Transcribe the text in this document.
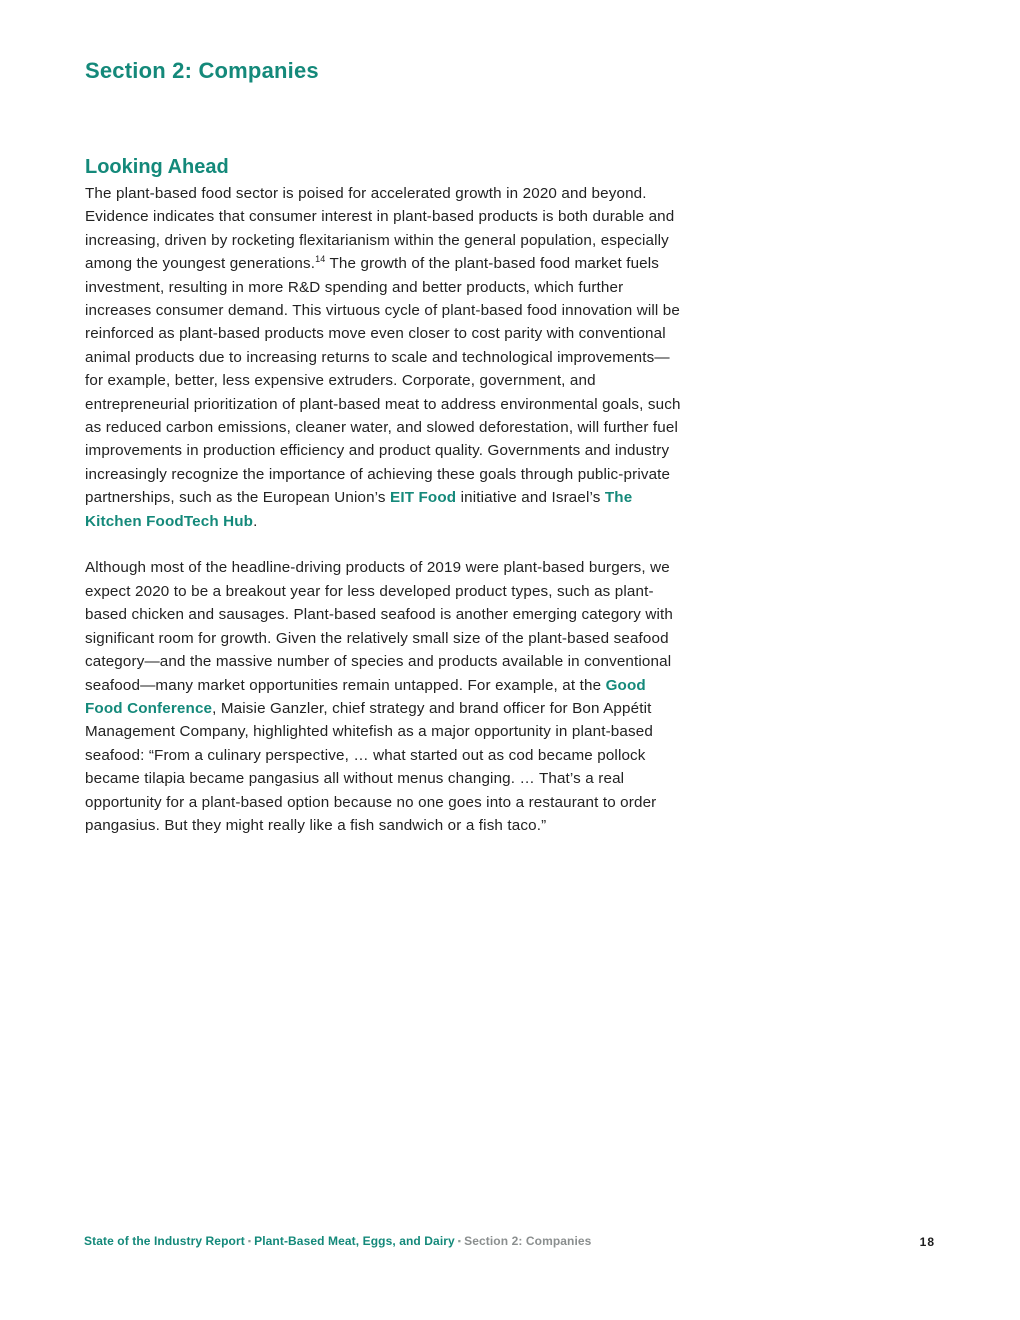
Section 2: Companies
Looking Ahead

The plant-based food sector is poised for accelerated growth in 2020 and beyond. Evidence indicates that consumer interest in plant-based products is both durable and increasing, driven by rocketing flexitarianism within the general population, especially among the youngest generations.$^{14}$ The growth of the plant-based food market fuels investment, resulting in more R&D spending and better products, which further increases consumer demand. This virtuous cycle of plant-based food innovation will be reinforced as plant-based products move even closer to cost parity with conventional animal products due to increasing returns to scale and technological improvements—for example, better, less expensive extruders. Corporate, government, and entrepreneurial prioritization of plant-based meat to address environmental goals, such as reduced carbon emissions, cleaner water, and slowed deforestation, will further fuel improvements in production efficiency and product quality. Governments and industry increasingly recognize the importance of achieving these goals through public-private partnerships, such as the European Union’s EIT Food initiative and Israel’s The Kitchen FoodTech Hub.

Although most of the headline-driving products of 2019 were plant-based burgers, we expect 2020 to be a breakout year for less developed product types, such as plant-based chicken and sausages. Plant-based seafood is another emerging category with significant room for growth. Given the relatively small size of the plant-based seafood category—and the massive number of species and products available in conventional seafood—many market opportunities remain untapped. For example, at the Good Food Conference, Maisie Ganzler, chief strategy and brand officer for Bon Appétit Management Company, highlighted whitefish as a major opportunity in plant-based seafood: “From a culinary perspective, … what started out as cod became pollock became tilapia became pangasius all without menus changing. … That’s a real opportunity for a plant-based option because no one goes into a restaurant to order pangasius. But they might really like a fish sandwich or a fish taco.”

State of the Industry Report ▪ Plant-Based Meat, Eggs, and Dairy ▪ Section 2: Companies	18
